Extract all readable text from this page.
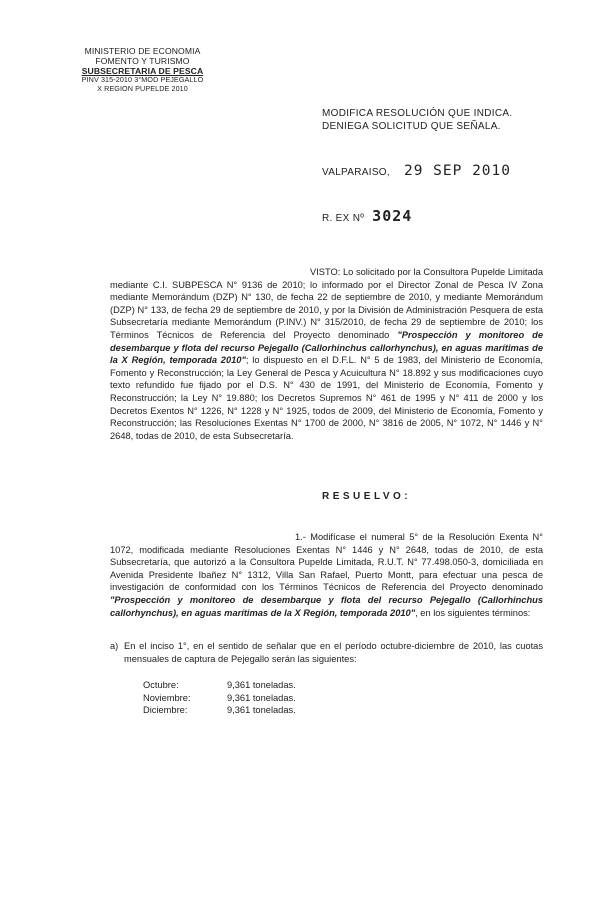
MINISTERIO DE ECONOMIA
FOMENTO Y TURISMO
SUBSECRETARIA DE PESCA
PINV 315-2010 3°MOD PEJEGALLO
X REGION PUPELDE 2010
MODIFICA RESOLUCIÓN QUE INDICA.
DENIEGA SOLICITUD QUE SEÑALA.
VALPARAISO, 29 SEP 2010
R. EX Nº 3024

VISTO: Lo solicitado por la Consultora Pupelde Limitada mediante C.I. SUBPESCA N° 9136 de 2010; lo informado por el Director Zonal de Pesca IV Zona mediante Memorándum (DZP) N° 130, de fecha 22 de septiembre de 2010, y mediante Memorándum (DZP) N° 133, de fecha 29 de septiembre de 2010, y por la División de Administración Pesquera de esta Subsecretaría mediante Memorándum (P.INV.) N° 315/2010, de fecha 29 de septiembre de 2010; los Términos Técnicos de Referencia del Proyecto denominado "Prospección y monitoreo de desembarque y flota del recurso Pejegallo (Callorhinchus callorhynchus), en aguas marítimas de la X Región, temporada 2010"; lo dispuesto en el D.F.L. N° 5 de 1983, del Ministerio de Economía, Fomento y Reconstrucción; la Ley General de Pesca y Acuicultura N° 18.892 y sus modificaciones cuyo texto refundido fue fijado por el D.S. N° 430 de 1991, del Ministerio de Economía, Fomento y Reconstrucción; la Ley N° 19.880; los Decretos Supremos N° 461 de 1995 y N° 411 de 2000 y los Decretos Exentos N° 1226, N° 1228 y N° 1925, todos de 2009, del Ministerio de Economía, Fomento y Reconstrucción; las Resoluciones Exentas N° 1700 de 2000, N° 3816 de 2005, N° 1072, N° 1446 y N° 2648, todas de 2010, de esta Subsecretaría.

RESUELVO:

1.- Modifícase el numeral 5° de la Resolución Exenta N° 1072, modificada mediante Resoluciones Exentas N° 1446 y N° 2648, todas de 2010, de esta Subsecretaría, que autorizó a la Consultora Pupelde Limitada, R.U.T. N° 77.498.050-3, domiciliada en Avenida Presidente Ibañez N° 1312, Villa San Rafael, Puerto Montt, para efectuar una pesca de investigación de conformidad con los Términos Técnicos de Referencia del Proyecto denominado "Prospección y monitoreo de desembarque y flota del recurso Pejegallo (Callorhinchus callorhynchus), en aguas marítimas de la X Región, temporada 2010", en los siguientes términos:

a) En el inciso 1°, en el sentido de señalar que en el período octubre-diciembre de 2010, las cuotas mensuales de captura de Pejegallo serán las siguientes:
Octubre:	9,361 toneladas.
Noviembre:	9,361 toneladas.
Diciembre:	9,361 toneladas.
